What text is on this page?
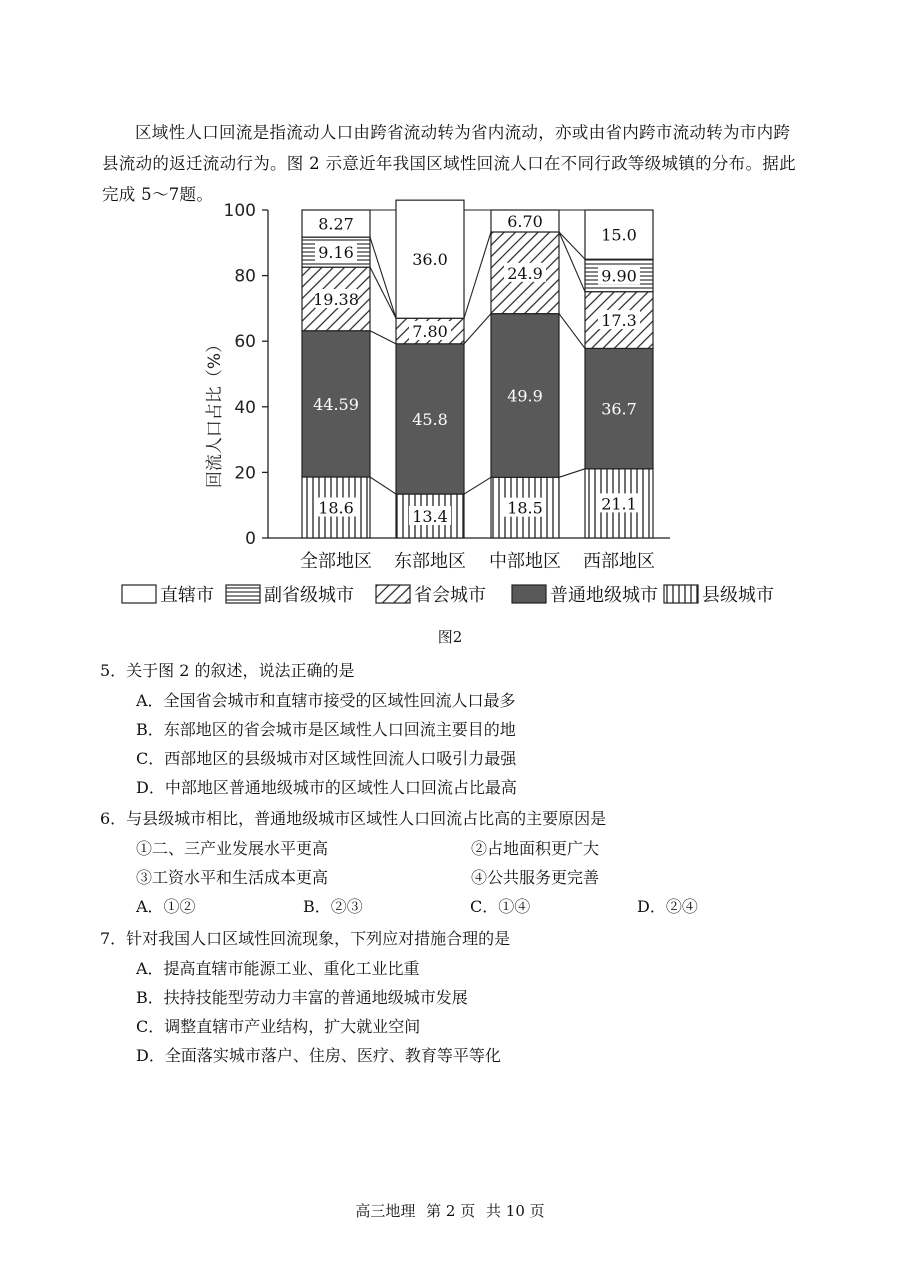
区域性人口回流是指流动人口由跨省流动转为省内流动，亦或由省内跨市流动转为市内跨县流动的返迁流动行为。图 2 示意近年我国区域性回流人口在不同行政等级城镇的分布。据此完成 5～7题。

0
20
40
60
80
100
18.6
44.59
19.38
9.16
8.27
13.4
45.8
7.80
36.0
18.5
49.9
24.9
6.70
21.1
36.7
17.3
9.90
15.0
全部地区 东部地区 中部地区 西部地区
回流人口占比（%）
直辖市	副省级城市	省会城市	普通地级城市 县级城市
图2
5．关于图 2 的叙述，说法正确的是
A．全国省会城市和直辖市接受的区域性回流人口最多
B．东部地区的省会城市是区域性人口回流主要目的地
C．西部地区的县级城市对区域性回流人口吸引力最强
D．中部地区普通地级城市的区域性人口回流占比最高
6．与县级城市相比，普通地级城市区域性人口回流占比高的主要原因是
①二、三产业发展水平更高	②占地面积更广大
③工资水平和生活成本更高	④公共服务更完善
A．①②	B．②③	C．①④	D．②④
7．针对我国人口区域性回流现象，下列应对措施合理的是
A．提高直辖市能源工业、重化工业比重
B．扶持技能型劳动力丰富的普通地级城市发展
C．调整直辖市产业结构，扩大就业空间
D．全面落实城市落户、住房、医疗、教育等平等化
高三地理 第 2 页 共 10 页
